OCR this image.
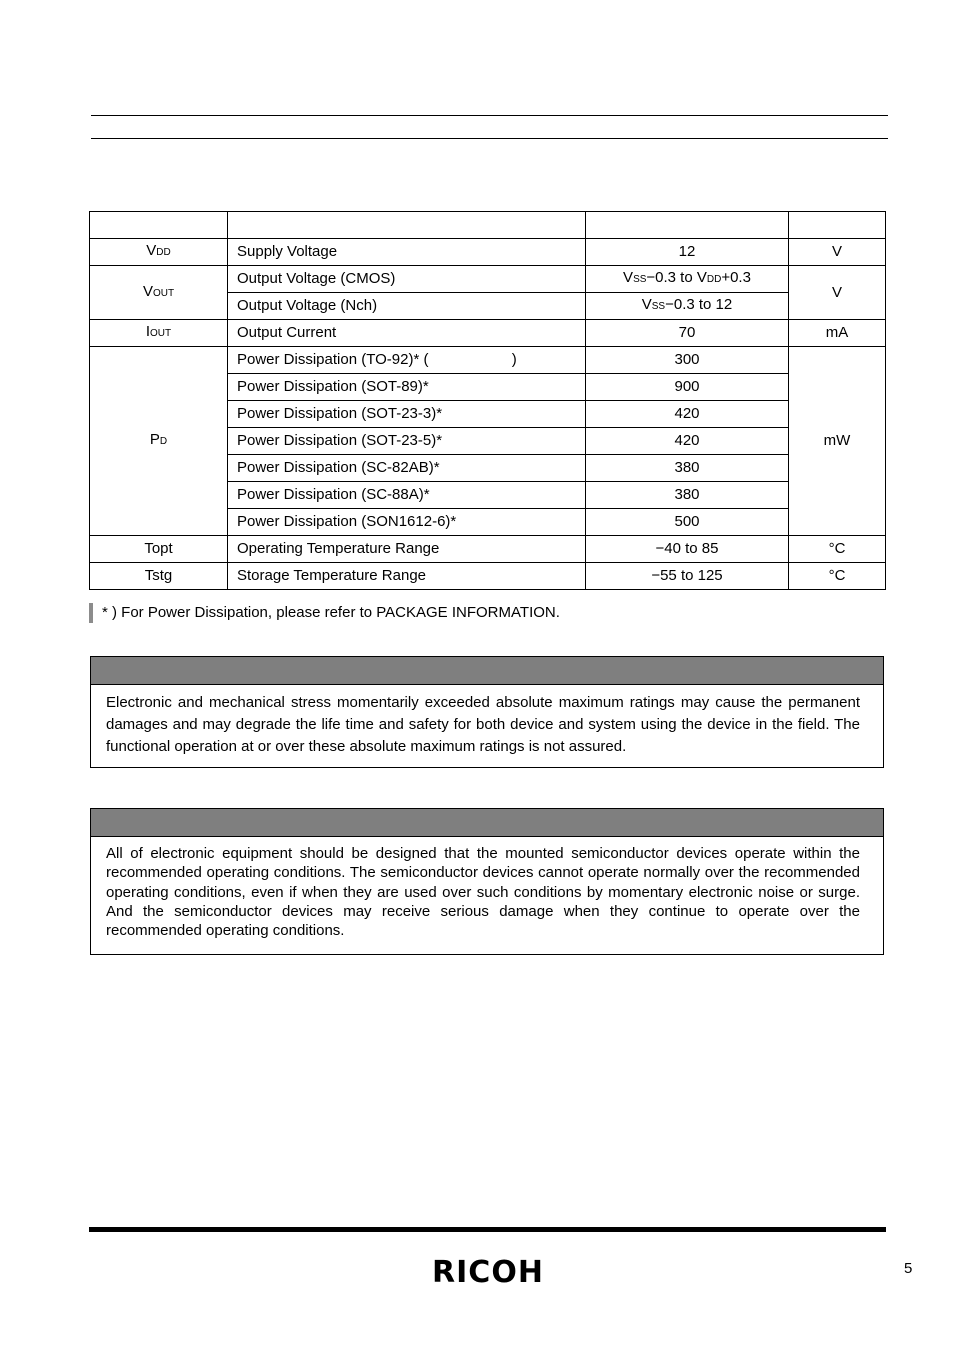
VDD	Supply Voltage	12	V
VOUT	Output Voltage (CMOS)	VSS−0.3 to VDD+0.3	V
	Output Voltage (Nch)	VSS−0.3 to 12	
IOUT	Output Current	70	mA
PD	Power Dissipation (TO-92)* (                    )	300	mW
	Power Dissipation (SOT-89)*	900	
	Power Dissipation (SOT-23-3)*	420	
	Power Dissipation (SOT-23-5)*	420	
	Power Dissipation (SC-82AB)*	380	
	Power Dissipation (SC-88A)*	380	
	Power Dissipation (SON1612-6)*	500	
Topt	Operating Temperature Range	−40 to 85	°C
Tstg	Storage Temperature Range	−55 to 125	°C
* ) For Power Dissipation, please refer to PACKAGE INFORMATION.
Electronic and mechanical stress momentarily exceeded absolute maximum ratings may cause the permanent damages and may degrade the life time and safety for both device and system using the device in the field. The functional operation at or over these absolute maximum ratings is not assured.
All of electronic equipment should be designed that the mounted semiconductor devices operate within the recommended operating conditions. The semiconductor devices cannot operate normally over the recommended operating conditions, even if when they are used over such conditions by momentary electronic noise or surge. And the semiconductor devices may receive serious damage when they continue to operate over the recommended operating conditions.
RICOH	5
